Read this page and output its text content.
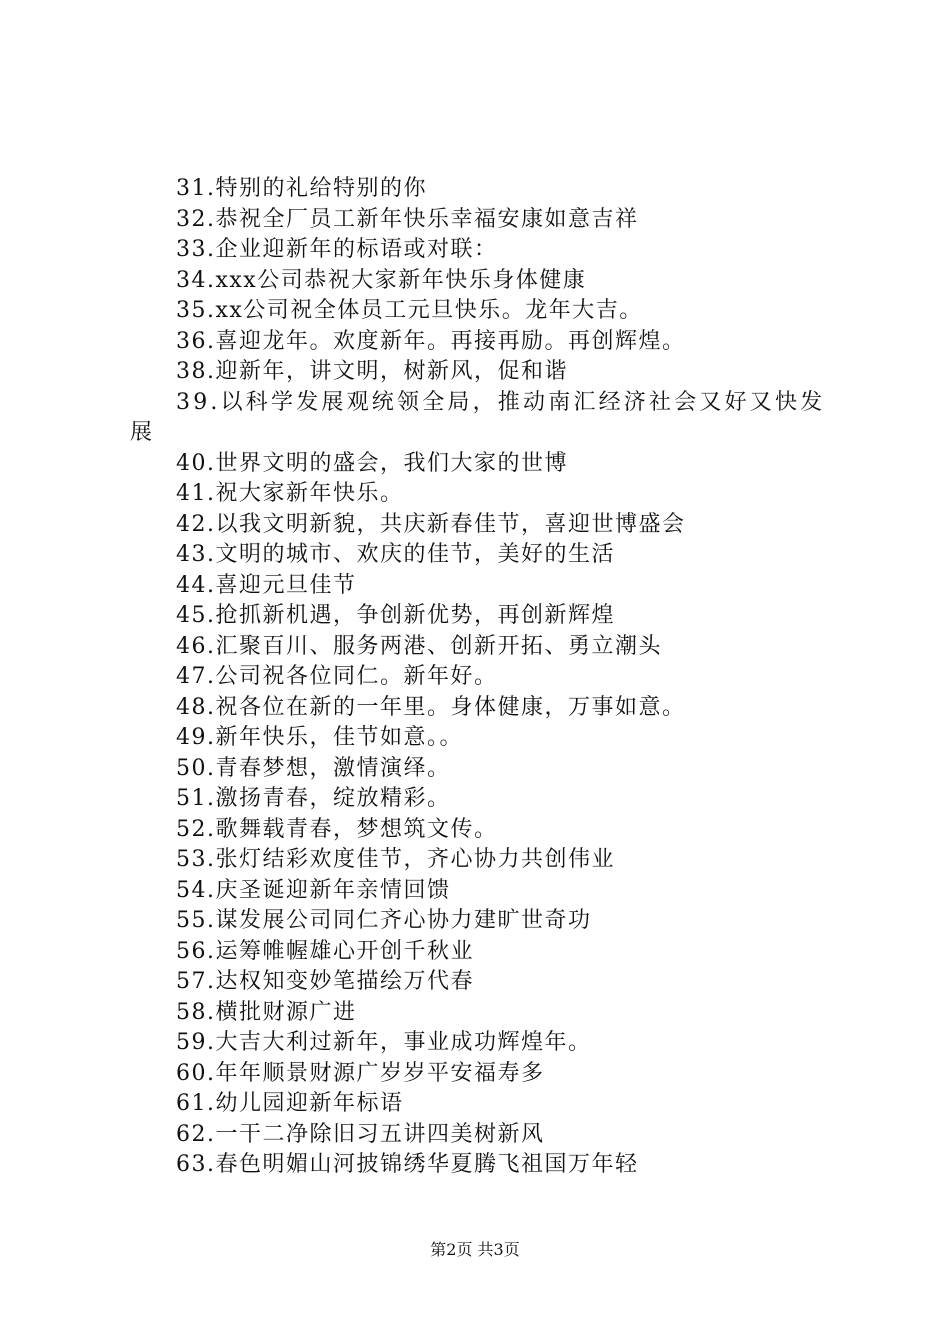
31.特别的礼给特别的你
32.恭祝全厂员工新年快乐幸福安康如意吉祥
33.企业迎新年的标语或对联：
34.xxx公司恭祝大家新年快乐身体健康
35.xx公司祝全体员工元旦快乐。龙年大吉。
36.喜迎龙年。欢度新年。再接再励。再创辉煌。
38.迎新年，讲文明，树新风，促和谐
39.以科学发展观统领全局，推动南汇经济社会又好又快发展
40.世界文明的盛会，我们大家的世博
41.祝大家新年快乐。
42.以我文明新貌，共庆新春佳节，喜迎世博盛会
43.文明的城市、欢庆的佳节，美好的生活
44.喜迎元旦佳节
45.抢抓新机遇，争创新优势，再创新辉煌
46.汇聚百川、服务两港、创新开拓、勇立潮头
47.公司祝各位同仁。新年好。
48.祝各位在新的一年里。身体健康，万事如意。
49.新年快乐，佳节如意。。
50.青春梦想，激情演绎。
51.激扬青春，绽放精彩。
52.歌舞载青春，梦想筑文传。
53.张灯结彩欢度佳节，齐心协力共创伟业
54.庆圣诞迎新年亲情回馈
55.谋发展公司同仁齐心协力建旷世奇功
56.运筹帷幄雄心开创千秋业
57.达权知变妙笔描绘万代春
58.横批财源广进
59.大吉大利过新年，事业成功辉煌年。
60.年年顺景财源广岁岁平安福寿多
61.幼儿园迎新年标语
62.一干二净除旧习五讲四美树新风
63.春色明媚山河披锦绣华夏腾飞祖国万年轻
第2页 共3页
